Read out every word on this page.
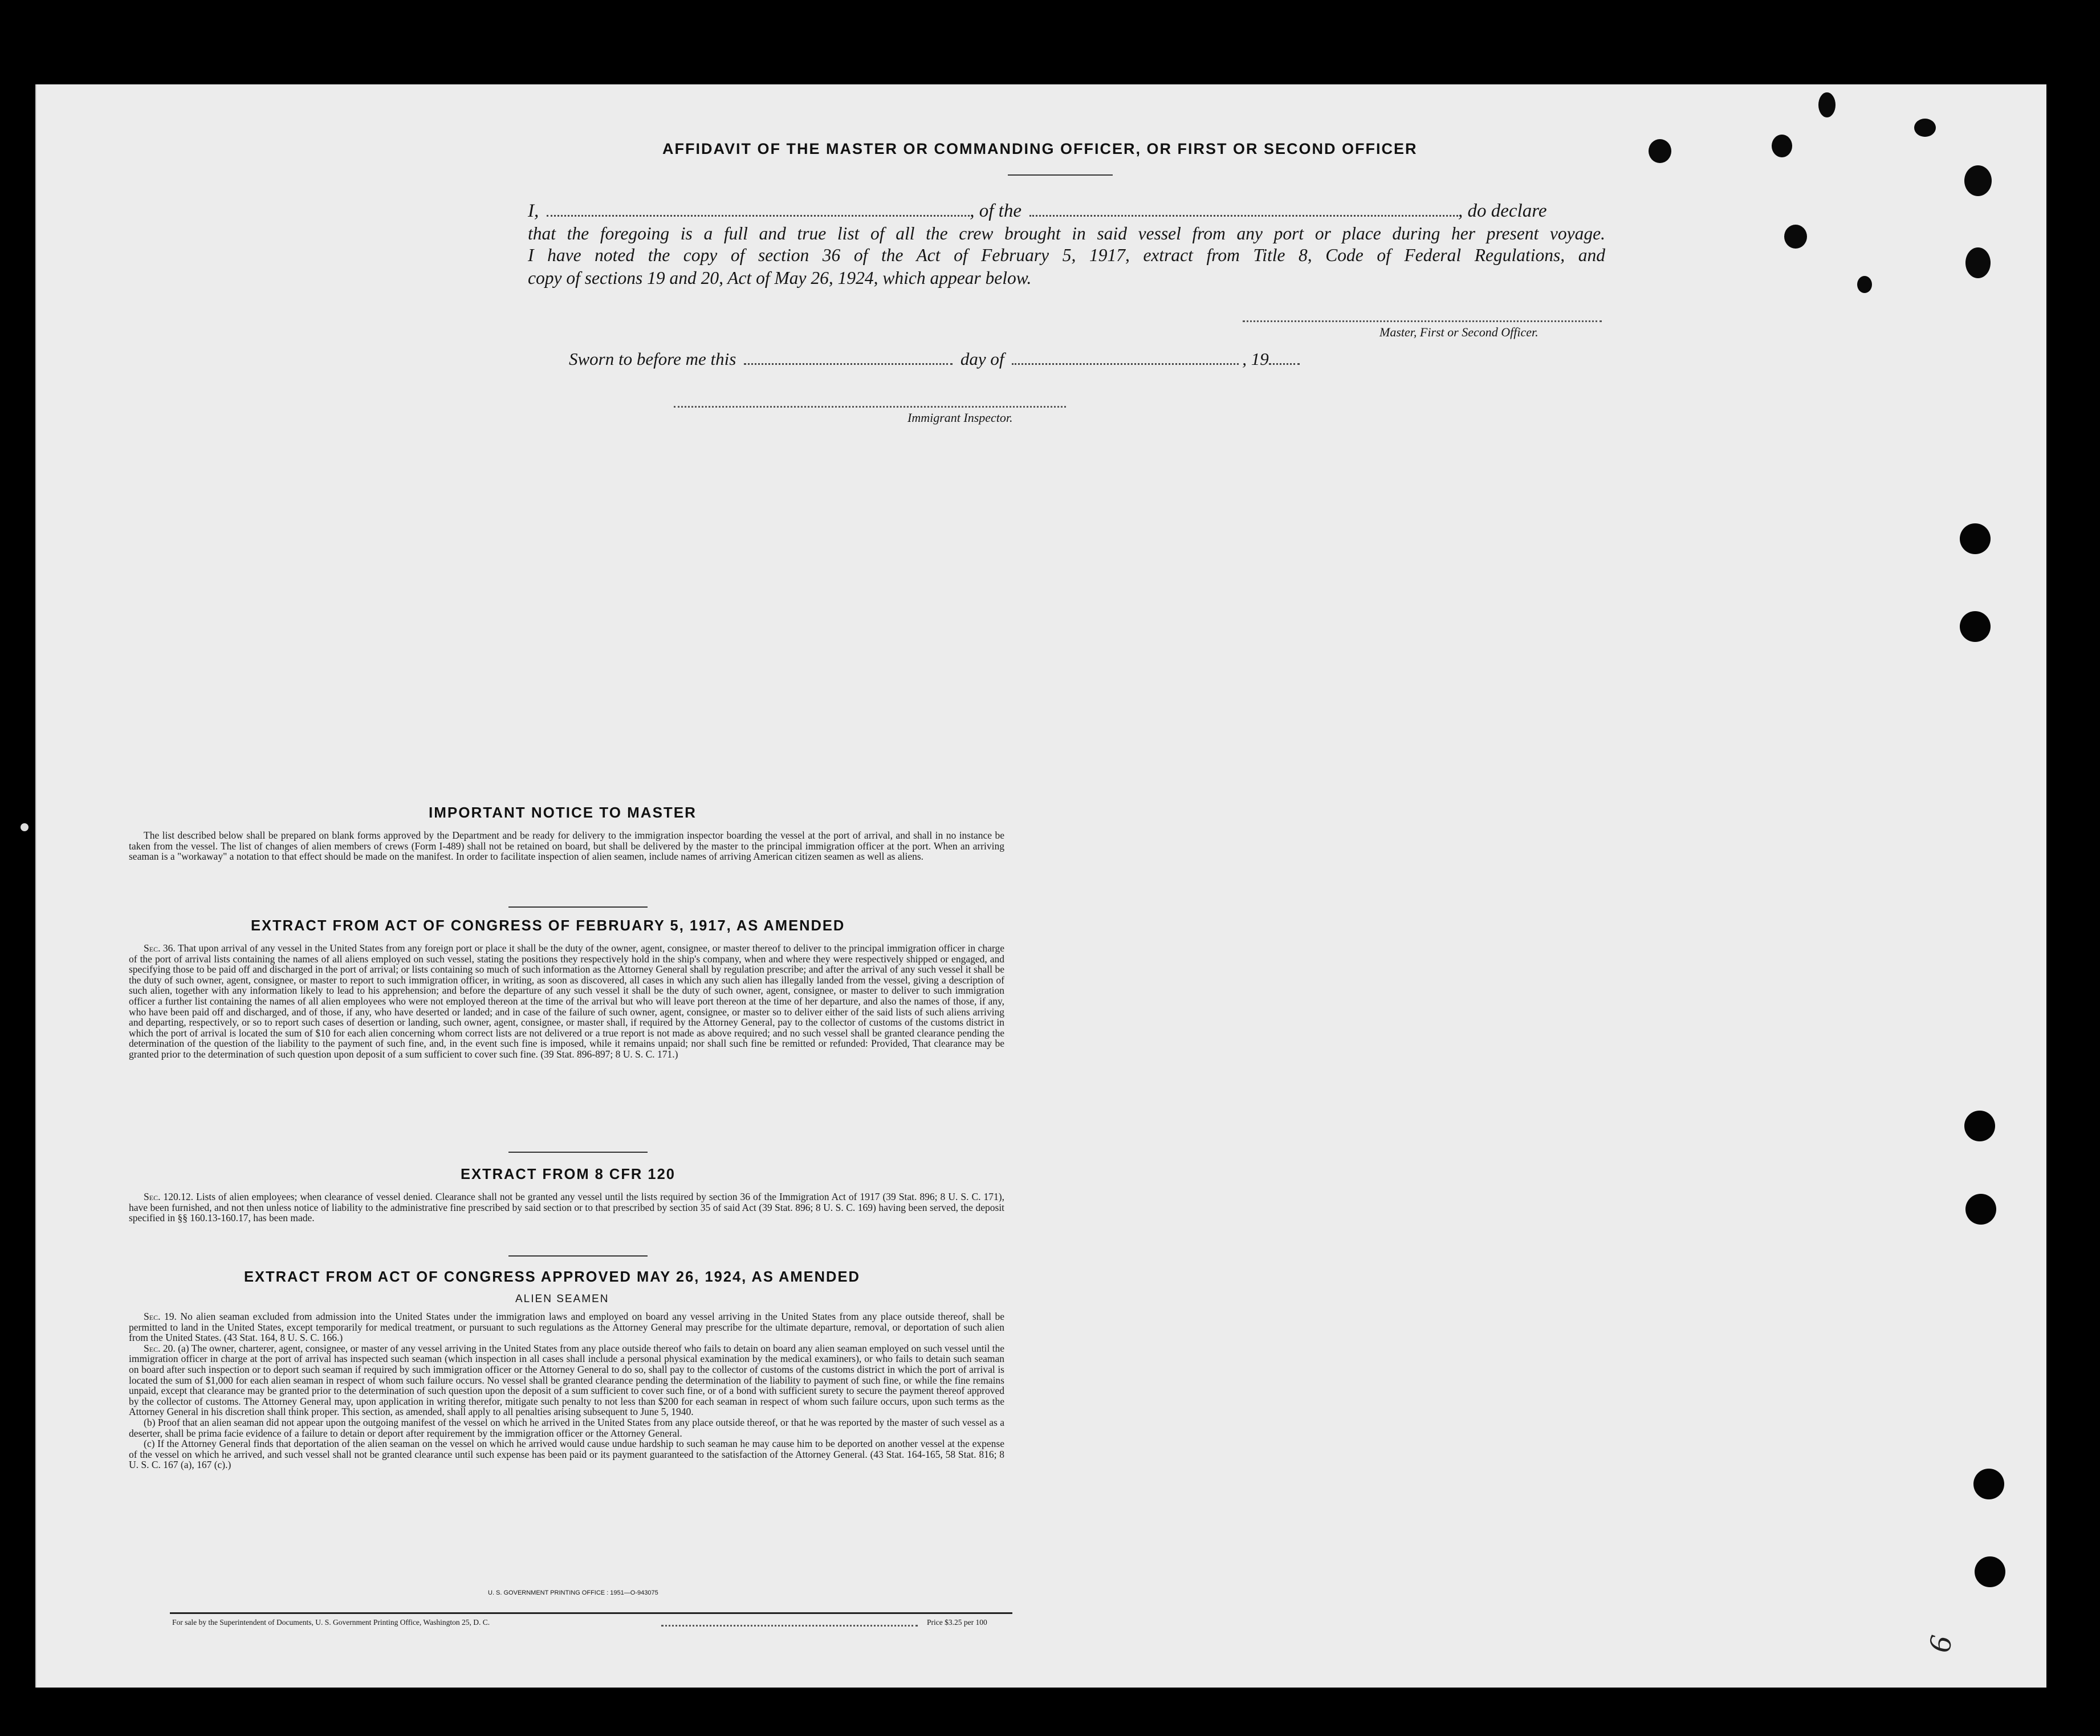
AFFIDAVIT OF THE MASTER OR COMMANDING OFFICER, OR FIRST OR SECOND OFFICER
I,	, of the	, do declare
that the foregoing is a full and true list of all the crew brought in said vessel from any port or place during her present voyage.
I have noted the copy of section 36 of the Act of February 5, 1917, extract from Title 8, Code of Federal Regulations, and
copy of sections 19 and 20, Act of May 26, 1924, which appear below.
Master, First or Second Officer.
Sworn to before me this	day of	, 19
Immigrant Inspector.
IMPORTANT NOTICE TO MASTER

The list described below shall be prepared on blank forms approved by the Department and be ready for delivery to the immigration inspector boarding the vessel at the port of arrival, and shall in no instance be taken from the vessel. The list of changes of alien members of crews (Form I-489) shall not be retained on board, but shall be delivered by the master to the principal immigration officer at the port. When an arriving seaman is a "workaway" a notation to that effect should be made on the manifest. In order to facilitate inspection of alien seamen, include names of arriving American citizen seamen as well as aliens.

EXTRACT FROM ACT OF CONGRESS OF FEBRUARY 5, 1917, AS AMENDED

Sec. 36. That upon arrival of any vessel in the United States from any foreign port or place it shall be the duty of the owner, agent, consignee, or master thereof to deliver to the principal immigration officer in charge of the port of arrival lists containing the names of all aliens employed on such vessel, stating the positions they respectively hold in the ship's company, when and where they were respectively shipped or engaged, and specifying those to be paid off and discharged in the port of arrival; or lists containing so much of such information as the Attorney General shall by regulation prescribe; and after the arrival of any such vessel it shall be the duty of such owner, agent, consignee, or master to report to such immigration officer, in writing, as soon as discovered, all cases in which any such alien has illegally landed from the vessel, giving a description of such alien, together with any information likely to lead to his apprehension; and before the departure of any such vessel it shall be the duty of such owner, agent, consignee, or master to deliver to such immigration officer a further list containing the names of all alien employees who were not employed thereon at the time of the arrival but who will leave port thereon at the time of her departure, and also the names of those, if any, who have been paid off and discharged, and of those, if any, who have deserted or landed; and in case of the failure of such owner, agent, consignee, or master so to deliver either of the said lists of such aliens arriving and departing, respectively, or so to report such cases of desertion or landing, such owner, agent, consignee, or master shall, if required by the Attorney General, pay to the collector of customs of the customs district in which the port of arrival is located the sum of $10 for each alien concerning whom correct lists are not delivered or a true report is not made as above required; and no such vessel shall be granted clearance pending the determination of the question of the liability to the payment of such fine, and, in the event such fine is imposed, while it remains unpaid; nor shall such fine be remitted or refunded: Provided, That clearance may be granted prior to the determination of such question upon deposit of a sum sufficient to cover such fine. (39 Stat. 896-897; 8 U. S. C. 171.)

EXTRACT FROM 8 CFR 120

Sec. 120.12. Lists of alien employees; when clearance of vessel denied. Clearance shall not be granted any vessel until the lists required by section 36 of the Immigration Act of 1917 (39 Stat. 896; 8 U. S. C. 171), have been furnished, and not then unless notice of liability to the administrative fine prescribed by said section or to that prescribed by section 35 of said Act (39 Stat. 896; 8 U. S. C. 169) having been served, the deposit specified in §§ 160.13-160.17, has been made.

EXTRACT FROM ACT OF CONGRESS APPROVED MAY 26, 1924, AS AMENDED
ALIEN SEAMEN

Sec. 19. No alien seaman excluded from admission into the United States under the immigration laws and employed on board any vessel arriving in the United States from any place outside thereof, shall be permitted to land in the United States, except temporarily for medical treatment, or pursuant to such regulations as the Attorney General may prescribe for the ultimate departure, removal, or deportation of such alien from the United States. (43 Stat. 164, 8 U. S. C. 166.)

Sec. 20. (a) The owner, charterer, agent, consignee, or master of any vessel arriving in the United States from any place outside thereof who fails to detain on board any alien seaman employed on such vessel until the immigration officer in charge at the port of arrival has inspected such seaman (which inspection in all cases shall include a personal physical examination by the medical examiners), or who fails to detain such seaman on board after such inspection or to deport such seaman if required by such immigration officer or the Attorney General to do so, shall pay to the collector of customs of the customs district in which the port of arrival is located the sum of $1,000 for each alien seaman in respect of whom such failure occurs. No vessel shall be granted clearance pending the determination of the liability to payment of such fine, or while the fine remains unpaid, except that clearance may be granted prior to the determination of such question upon the deposit of a sum sufficient to cover such fine, or of a bond with sufficient surety to secure the payment thereof approved by the collector of customs. The Attorney General may, upon application in writing therefor, mitigate such penalty to not less than $200 for each seaman in respect of whom such failure occurs, upon such terms as the Attorney General in his discretion shall think proper. This section, as amended, shall apply to all penalties arising subsequent to June 5, 1940.

(b) Proof that an alien seaman did not appear upon the outgoing manifest of the vessel on which he arrived in the United States from any place outside thereof, or that he was reported by the master of such vessel as a deserter, shall be prima facie evidence of a failure to detain or deport after requirement by the immigration officer or the Attorney General.

(c) If the Attorney General finds that deportation of the alien seaman on the vessel on which he arrived would cause undue hardship to such seaman he may cause him to be deported on another vessel at the expense of the vessel on which he arrived, and such vessel shall not be granted clearance until such expense has been paid or its payment guaranteed to the satisfaction of the Attorney General. (43 Stat. 164-165, 58 Stat. 816; 8 U. S. C. 167 (a), 167 (c).)

U. S. GOVERNMENT PRINTING OFFICE : 1951—O-943075
For sale by the Superintendent of Documents, U. S. Government Printing Office, Washington 25, D. C.	Price $3.25 per 100
6
